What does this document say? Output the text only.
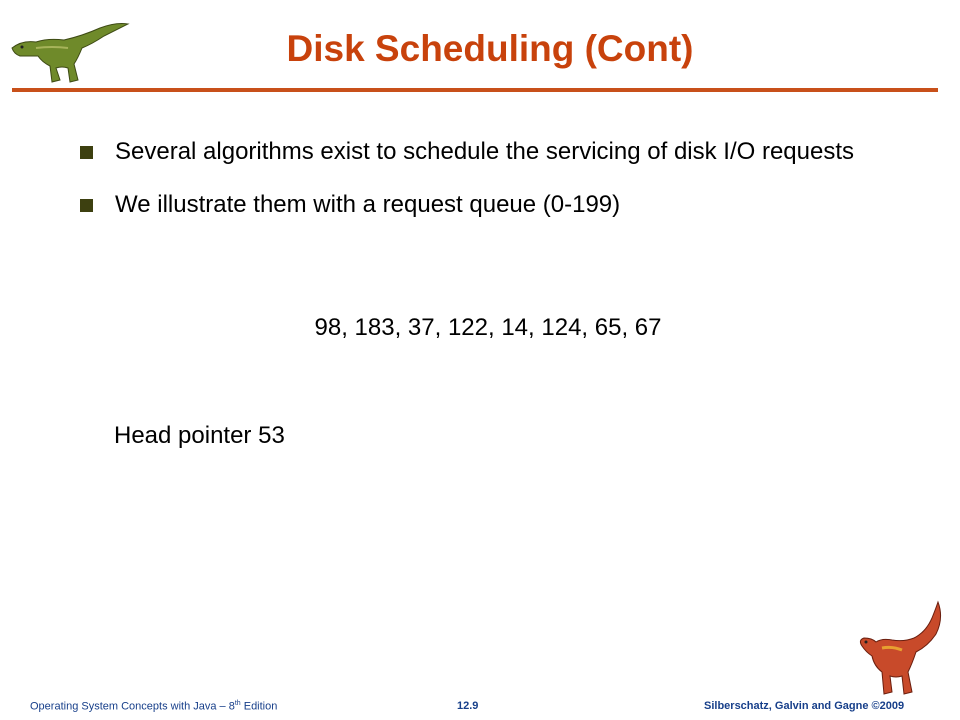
Disk Scheduling (Cont)
Several algorithms exist to schedule the servicing of disk I/O requests
We illustrate them with a request queue (0-199)
98, 183, 37, 122, 14, 124, 65, 67
Head pointer 53
Operating System Concepts with Java – 8th Edition	12.9	Silberschatz, Galvin and Gagne ©2009
